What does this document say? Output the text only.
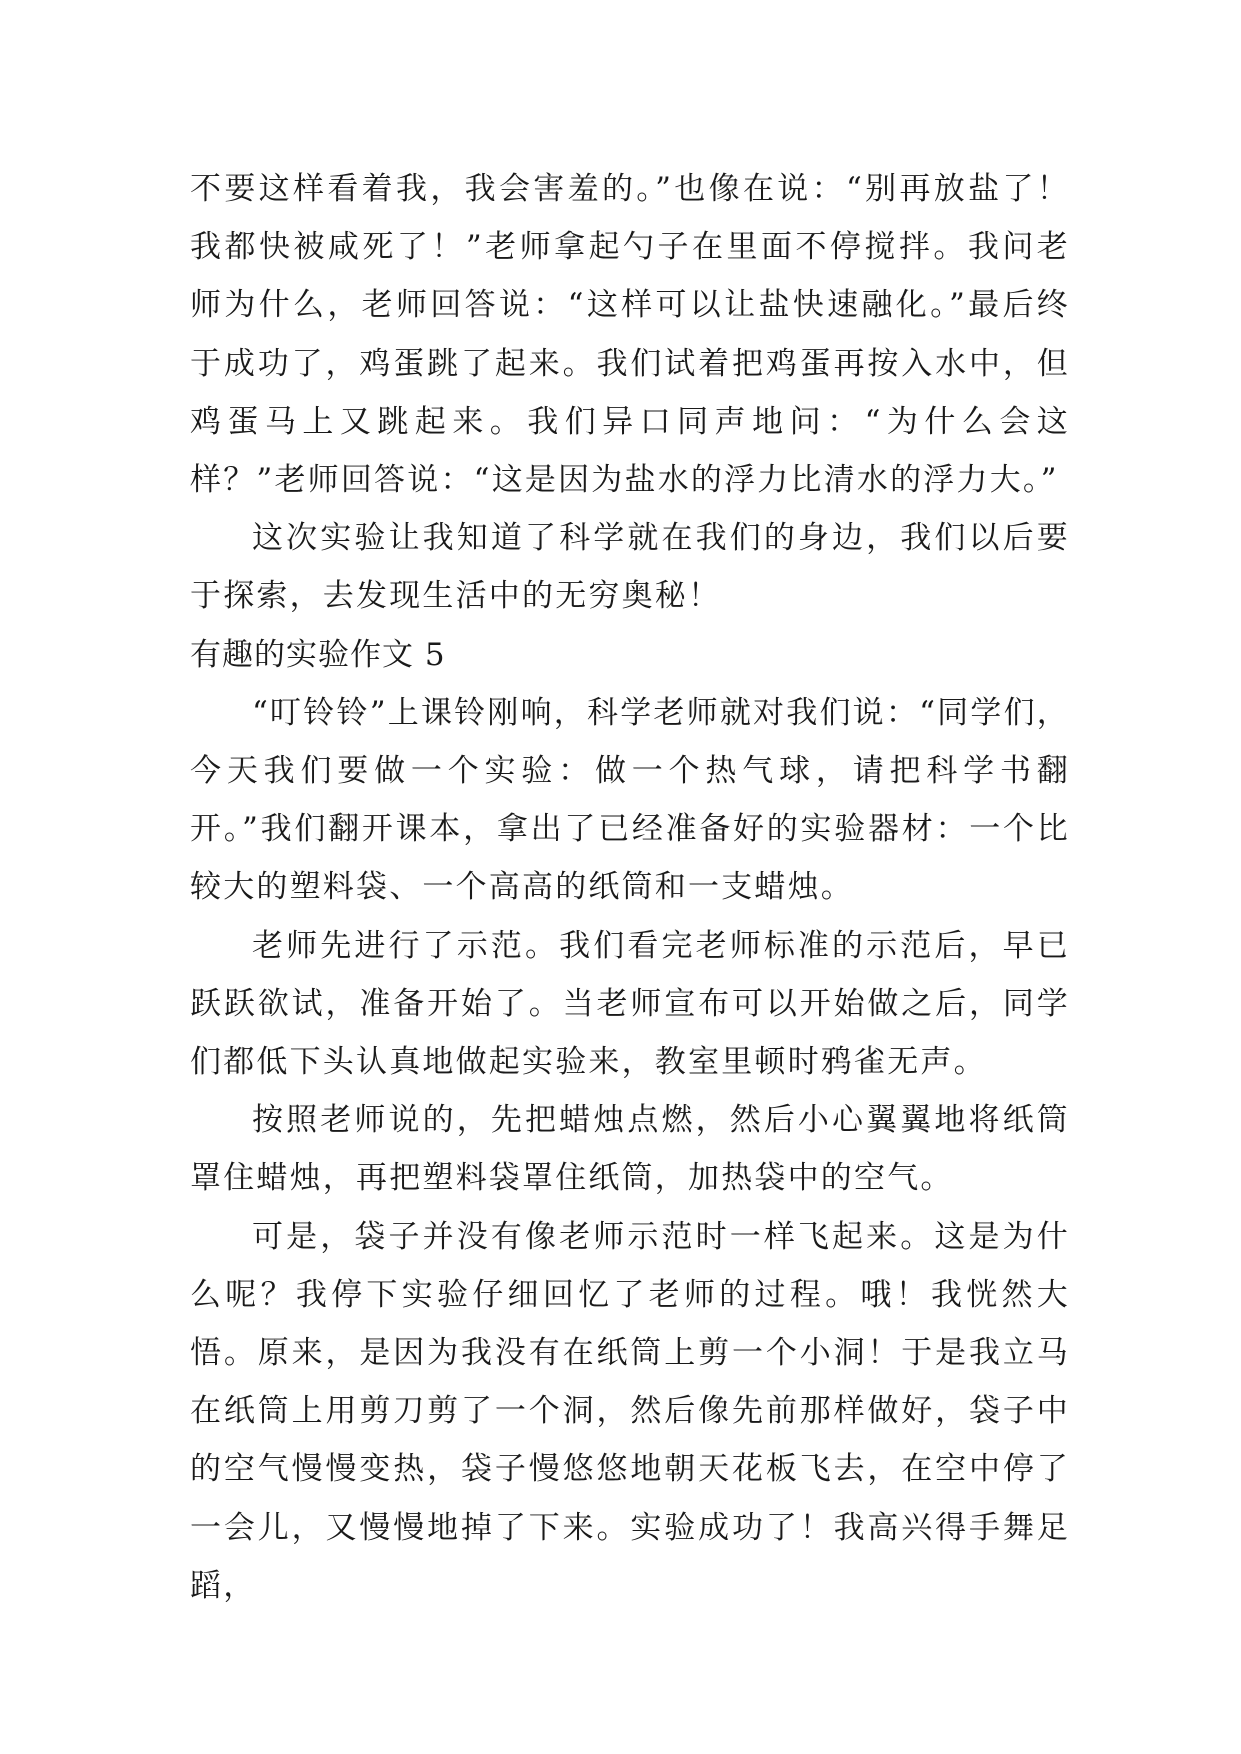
不要这样看着我，我会害羞的。”也像在说：“别再放盐了！我都快被咸死了！”老师拿起勺子在里面不停搅拌。我问老师为什么，老师回答说：“这样可以让盐快速融化。”最后终于成功了，鸡蛋跳了起来。我们试着把鸡蛋再按入水中，但鸡蛋马上又跳起来。我们异口同声地问：“为什么会这样？”老师回答说：“这是因为盐水的浮力比清水的浮力大。”

这次实验让我知道了科学就在我们的身边，我们以后要于探索，去发现生活中的无穷奥秘！

有趣的实验作文 5

“叮铃铃”上课铃刚响，科学老师就对我们说：“同学们，今天我们要做一个实验：做一个热气球，请把科学书翻开。”我们翻开课本，拿出了已经准备好的实验器材：一个比较大的塑料袋、一个高高的纸筒和一支蜡烛。

老师先进行了示范。我们看完老师标准的示范后，早已跃跃欲试，准备开始了。当老师宣布可以开始做之后，同学们都低下头认真地做起实验来，教室里顿时鸦雀无声。

按照老师说的，先把蜡烛点燃，然后小心翼翼地将纸筒罩住蜡烛，再把塑料袋罩住纸筒，加热袋中的空气。

可是，袋子并没有像老师示范时一样飞起来。这是为什么呢？我停下实验仔细回忆了老师的过程。哦！我恍然大悟。原来，是因为我没有在纸筒上剪一个小洞！于是我立马在纸筒上用剪刀剪了一个洞，然后像先前那样做好，袋子中的空气慢慢变热，袋子慢悠悠地朝天花板飞去，在空中停了一会儿，又慢慢地掉了下来。实验成功了！我高兴得手舞足蹈，
